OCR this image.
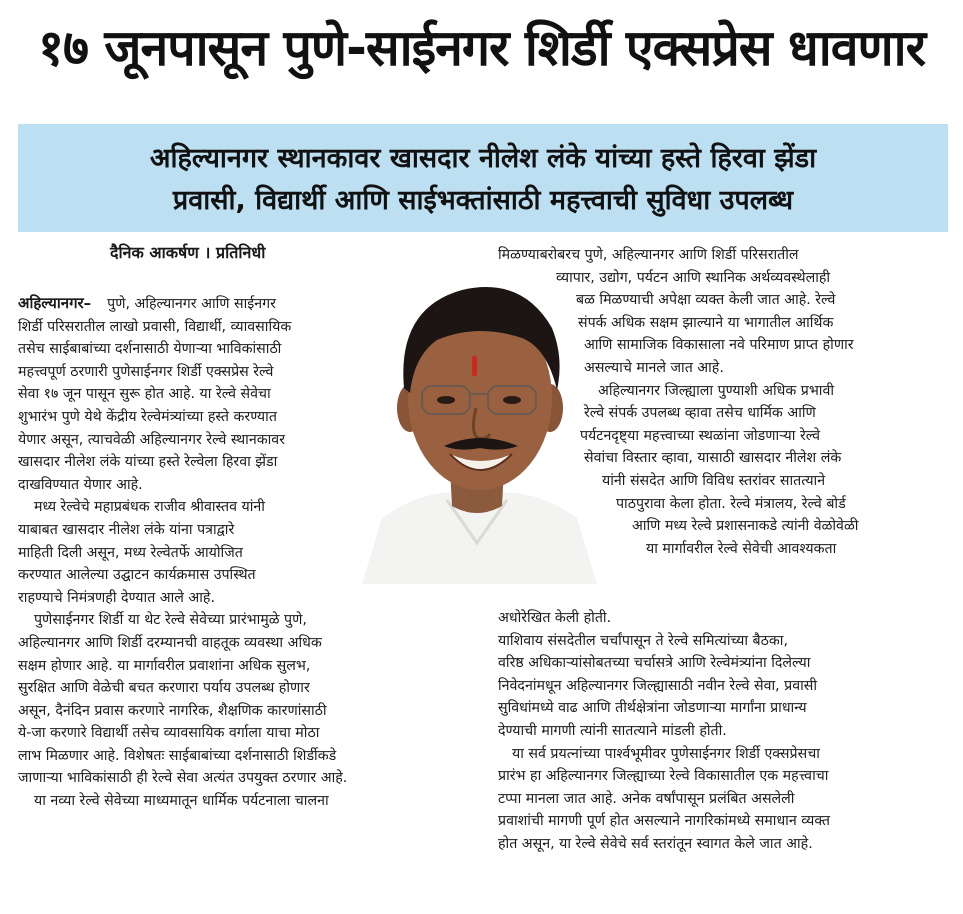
१७ जूनपासून पुणे-साईनगर शिर्डी एक्सप्रेस धावणार
अहिल्यानगर स्थानकावर खासदार नीलेश लंके यांच्या हस्ते हिरवा झेंडा
प्रवासी, विद्यार्थी आणि साईभक्तांसाठी महत्त्वाची सुविधा उपलब्ध
दैनिक आकर्षण । प्रतिनिधी

अहिल्यानगर– पुणे, अहिल्यानगर आणि साईनगर

शिर्डी परिसरातील लाखो प्रवासी, विद्यार्थी, व्यावसायिक

तसेच साईबाबांच्या दर्शनासाठी येणाऱ्या भाविकांसाठी

महत्त्वपूर्ण ठरणारी पुणेसाईनगर शिर्डी एक्सप्रेस रेल्वे

सेवा १७ जून पासून सुरू होत आहे. या रेल्वे सेवेचा

शुभारंभ पुणे येथे केंद्रीय रेल्वेमंत्र्यांच्या हस्ते करण्यात

येणार असून, त्याचवेळी अहिल्यानगर रेल्वे स्थानकावर

खासदार नीलेश लंके यांच्या हस्ते रेल्वेला हिरवा झेंडा

दाखविण्यात येणार आहे.

मध्य रेल्वेचे महाप्रबंधक राजीव श्रीवास्तव यांनी

याबाबत खासदार नीलेश लंके यांना पत्राद्वारे

माहिती दिली असून, मध्य रेल्वेतर्फे आयोजित

करण्यात आलेल्या उद्घाटन कार्यक्रमास उपस्थित

राहण्याचे निमंत्रणही देण्यात आले आहे.

पुणेसाईनगर शिर्डी या थेट रेल्वे सेवेच्या प्रारंभामुळे पुणे,

अहिल्यानगर आणि शिर्डी दरम्यानची वाहतूक व्यवस्था अधिक

सक्षम होणार आहे. या मार्गावरील प्रवाशांना अधिक सुलभ,

सुरक्षित आणि वेळेची बचत करणारा पर्याय उपलब्ध होणार

असून, दैनंदिन प्रवास करणारे नागरिक, शैक्षणिक कारणांसाठी

ये-जा करणारे विद्यार्थी तसेच व्यावसायिक वर्गाला याचा मोठा

लाभ मिळणार आहे. विशेषतः साईबाबांच्या दर्शनासाठी शिर्डीकडे

जाणाऱ्या भाविकांसाठी ही रेल्वे सेवा अत्यंत उपयुक्त ठरणार आहे.

या नव्या रेल्वे सेवेच्या माध्यमातून धार्मिक पर्यटनाला चालना

मिळण्याबरोबरच पुणे, अहिल्यानगर आणि शिर्डी परिसरातील

व्यापार, उद्योग, पर्यटन आणि स्थानिक अर्थव्यवस्थेलाही

बळ मिळण्याची अपेक्षा व्यक्त केली जात आहे. रेल्वे

संपर्क अधिक सक्षम झाल्याने या भागातील आर्थिक

आणि सामाजिक विकासाला नवे परिमाण प्राप्त होणार

असल्याचे मानले जात आहे.

अहिल्यानगर जिल्ह्याला पुण्याशी अधिक प्रभावी

रेल्वे संपर्क उपलब्ध व्हावा तसेच धार्मिक आणि

पर्यटनदृष्ट्या महत्त्वाच्या स्थळांना जोडणाऱ्या रेल्वे

सेवांचा विस्तार व्हावा, यासाठी खासदार नीलेश लंके

यांनी संसदेत आणि विविध स्तरांवर सातत्याने

पाठपुरावा केला होता. रेल्वे मंत्रालय, रेल्वे बोर्ड

आणि मध्य रेल्वे प्रशासनाकडे त्यांनी वेळोवेळी

या मार्गावरील रेल्वे सेवेची आवश्यकता

अधोरेखित केली होती.

याशिवाय संसदेतील चर्चांपासून ते रेल्वे समित्यांच्या बैठका,

वरिष्ठ अधिकाऱ्यांसोबतच्या चर्चासत्रे आणि रेल्वेमंत्र्यांना दिलेल्या

निवेदनांमधून अहिल्यानगर जिल्ह्यासाठी नवीन रेल्वे सेवा, प्रवासी

सुविधांमध्ये वाढ आणि तीर्थक्षेत्रांना जोडणाऱ्या मार्गांना प्राधान्य

देण्याची मागणी त्यांनी सातत्याने मांडली होती.

या सर्व प्रयत्नांच्या पार्श्वभूमीवर पुणेसाईनगर शिर्डी एक्सप्रेसचा

प्रारंभ हा अहिल्यानगर जिल्ह्याच्या रेल्वे विकासातील एक महत्त्वाचा

टप्पा मानला जात आहे. अनेक वर्षांपासून प्रलंबित असलेली

प्रवाशांची मागणी पूर्ण होत असल्याने नागरिकांमध्ये समाधान व्यक्त

होत असून, या रेल्वे सेवेचे सर्व स्तरांतून स्वागत केले जात आहे.
